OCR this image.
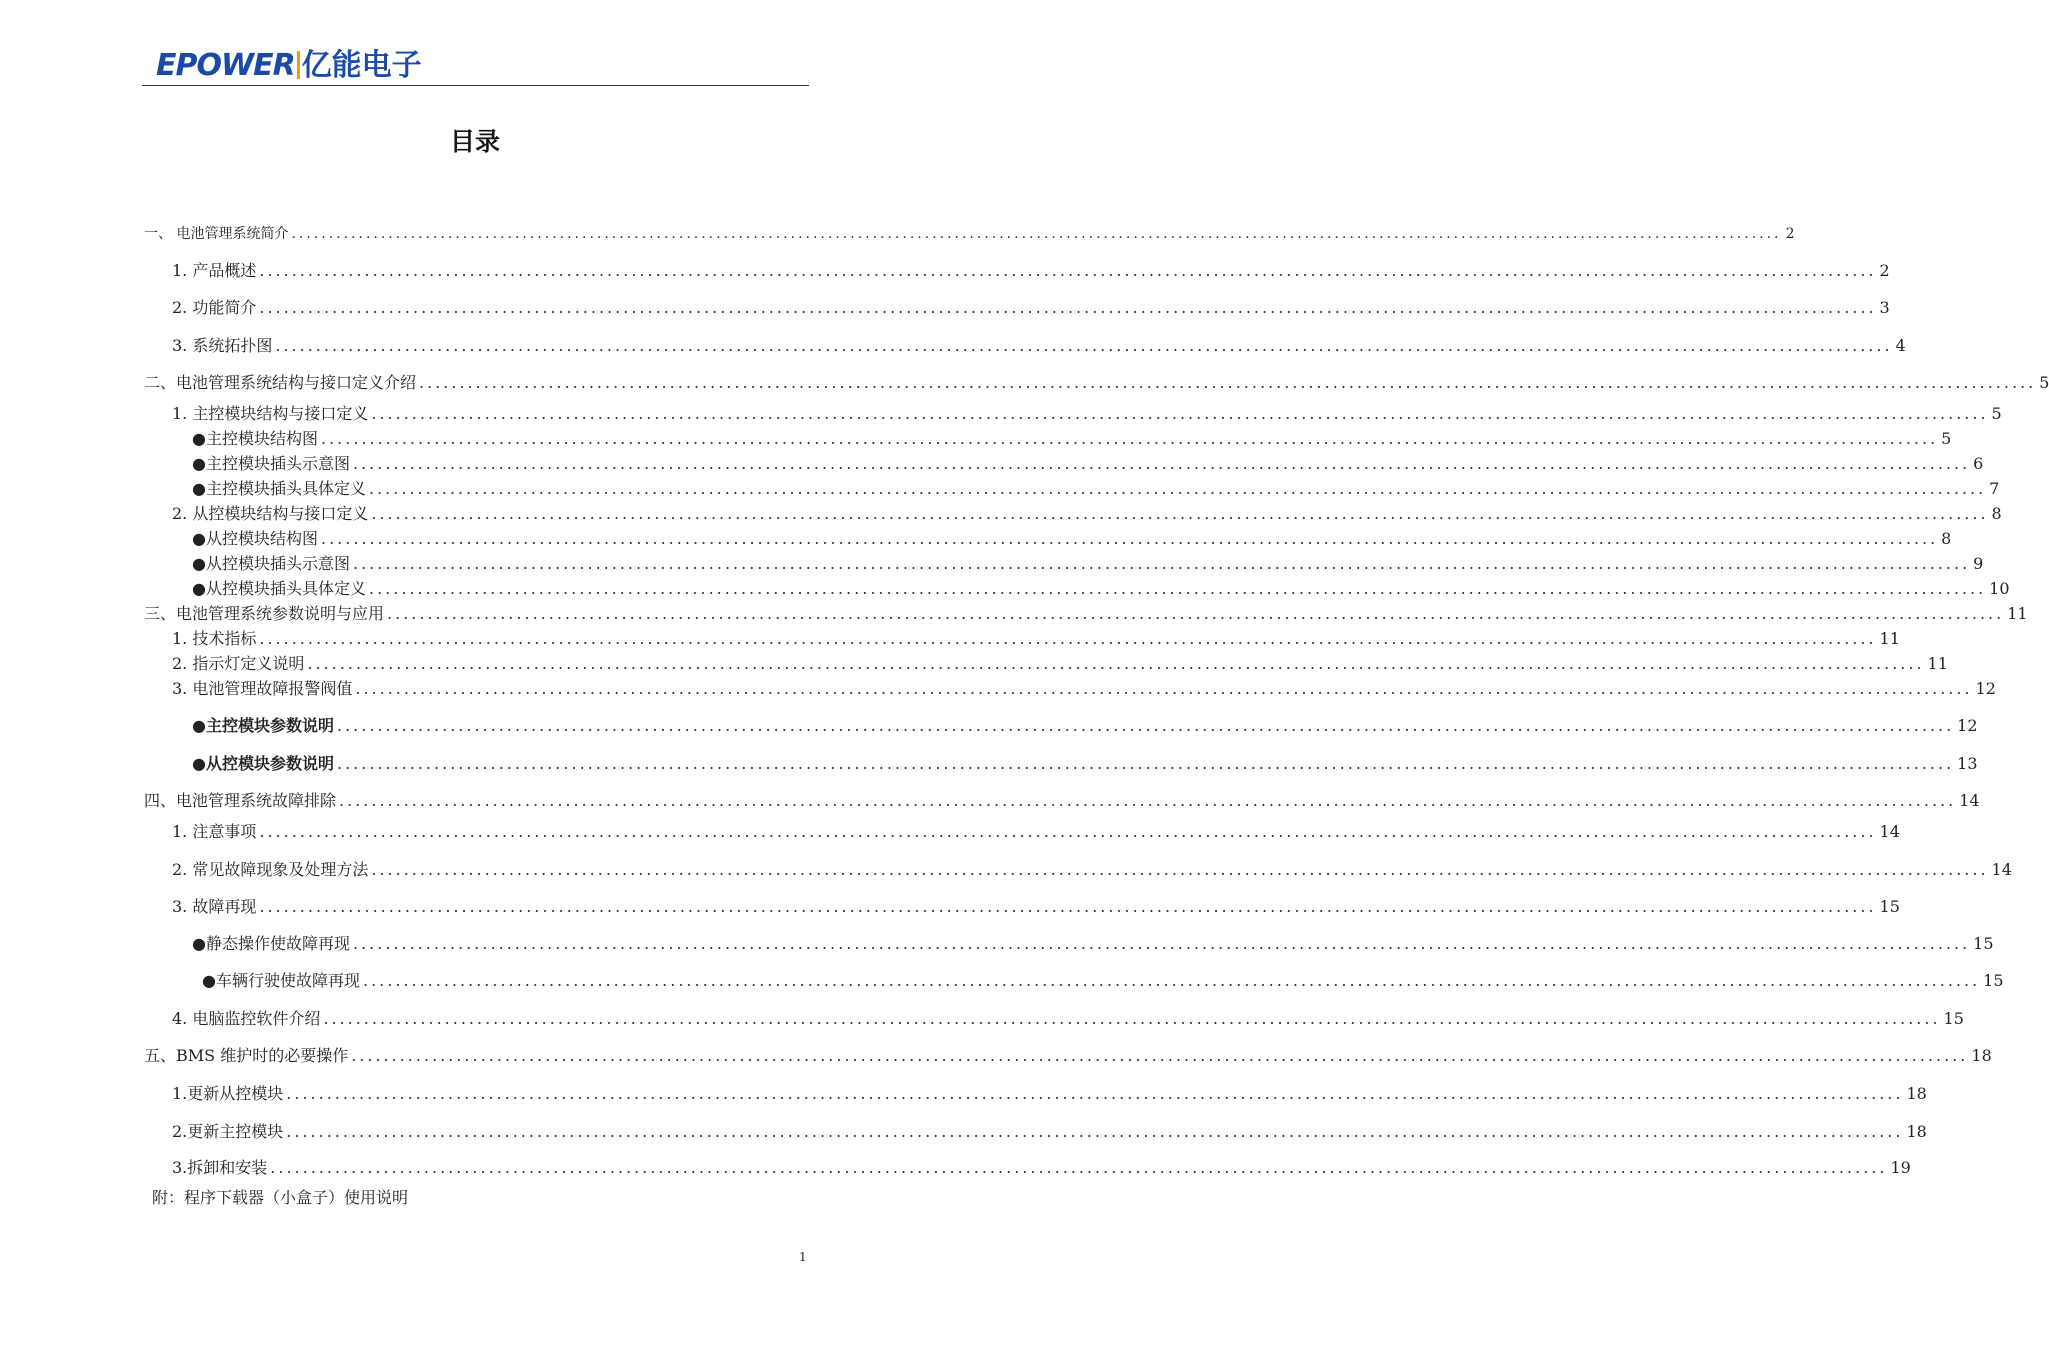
EPOWER 亿能电子
目录
一、 电池管理系统简介 ........................................................................................................................................................................................................ 2
1. 产品概述 ........................................................................................................................................................................................................ 2
2. 功能简介 ........................................................................................................................................................................................................ 3
3. 系统拓扑图 ........................................................................................................................................................................................................ 4
二、电池管理系统结构与接口定义介绍 ........................................................................................................................................................................................................ 5
1. 主控模块结构与接口定义 ........................................................................................................................................................................................................ 5
●主控模块结构图 ........................................................................................................................................................................................................ 5
●主控模块插头示意图 ........................................................................................................................................................................................................ 6
●主控模块插头具体定义 ........................................................................................................................................................................................................ 7
2. 从控模块结构与接口定义 ........................................................................................................................................................................................................ 8
●从控模块结构图 ........................................................................................................................................................................................................ 8
●从控模块插头示意图 ........................................................................................................................................................................................................ 9
●从控模块插头具体定义 ........................................................................................................................................................................................................ 10
三、电池管理系统参数说明与应用 ........................................................................................................................................................................................................ 11
1. 技术指标 ........................................................................................................................................................................................................ 11
2. 指示灯定义说明 ........................................................................................................................................................................................................ 11
3. 电池管理故障报警阀值 ........................................................................................................................................................................................................ 12
●主控模块参数说明 ........................................................................................................................................................................................................ 12
●从控模块参数说明 ........................................................................................................................................................................................................ 13
四、电池管理系统故障排除 ........................................................................................................................................................................................................ 14
1. 注意事项 ........................................................................................................................................................................................................ 14
2. 常见故障现象及处理方法 ........................................................................................................................................................................................................ 14
3. 故障再现 ........................................................................................................................................................................................................ 15
●静态操作使故障再现 ........................................................................................................................................................................................................ 15
●车辆行驶使故障再现 ........................................................................................................................................................................................................ 15
4. 电脑监控软件介绍 ........................................................................................................................................................................................................ 15
五、BMS 维护时的必要操作 ........................................................................................................................................................................................................ 18
1.更新从控模块 ........................................................................................................................................................................................................ 18
2.更新主控模块 ........................................................................................................................................................................................................ 18
3.拆卸和安装 ........................................................................................................................................................................................................ 19
附：程序下载器（小盒子）使用说明
1
